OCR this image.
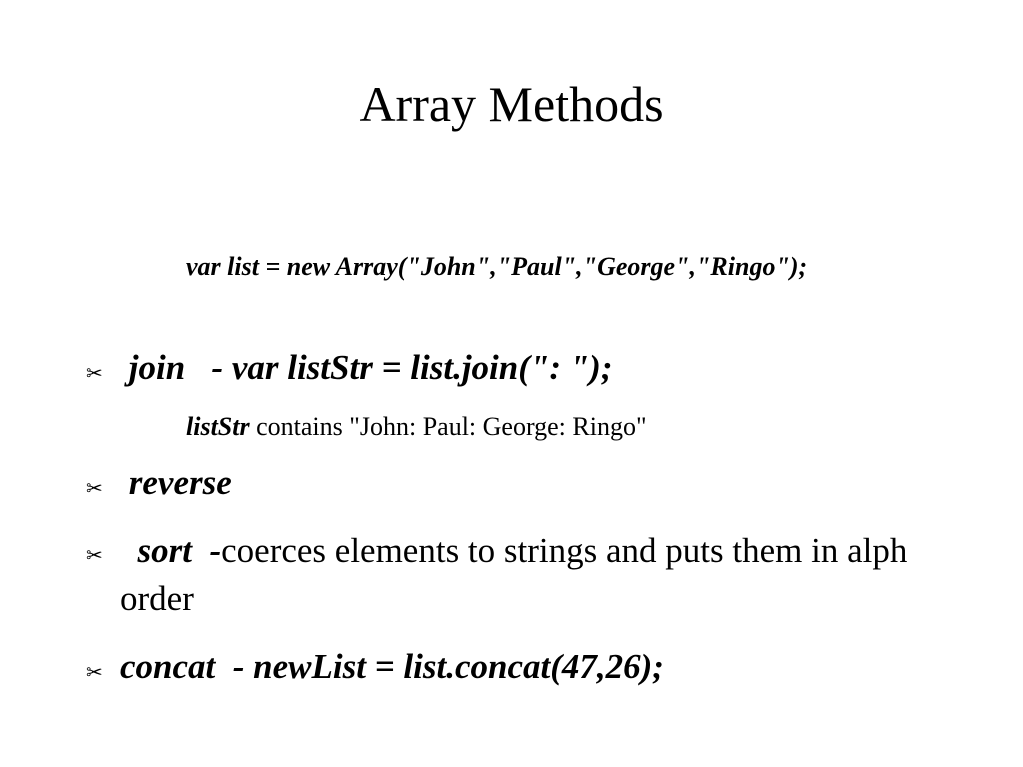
Array Methods
var list = new Array("John","Paul","George","Ringo");
✂ join   - var listStr = list.join(": ");
listStr contains "John: Paul: George: Ringo"
✂ reverse
✂ sort  -coerces elements to strings and puts them in alph order
✂ concat  - newList = list.concat(47,26);
